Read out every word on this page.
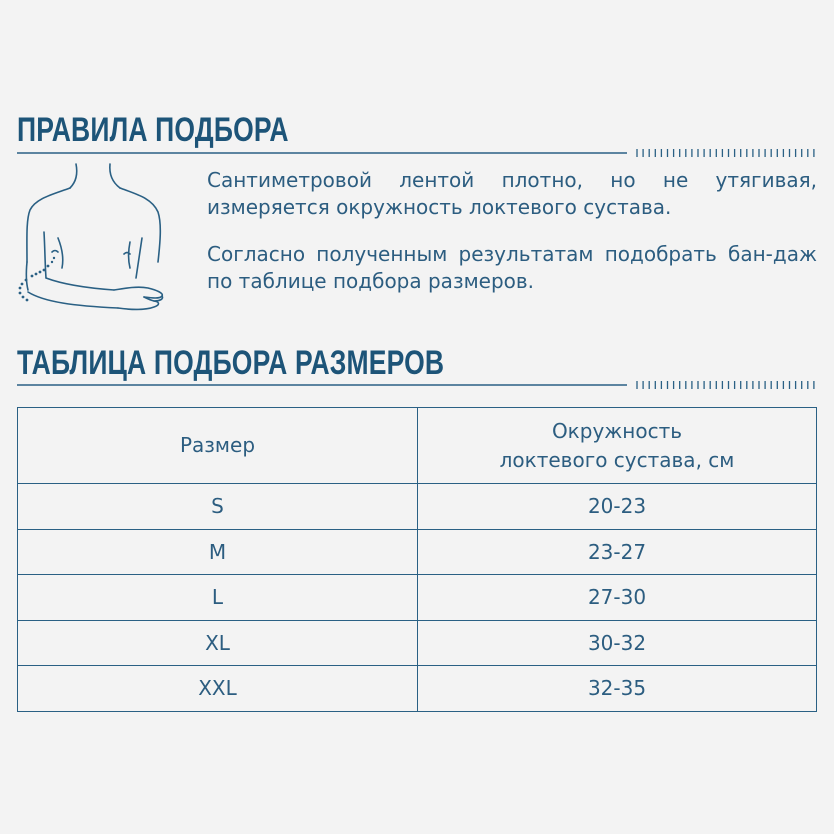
ПРАВИЛА ПОДБОРА
Сантиметровой лентой плотно, но не утягивая, измеряется окружность локтевого сустава.
Согласно полученным результатам подобрать бан-даж по таблице подбора размеров.
ТАБЛИЦА ПОДБОРА РАЗМЕРОВ
Размер	Окружность
локтевого сустава, см
S	20-23
M	23-27
L	27-30
XL	30-32
XXL	32-35
